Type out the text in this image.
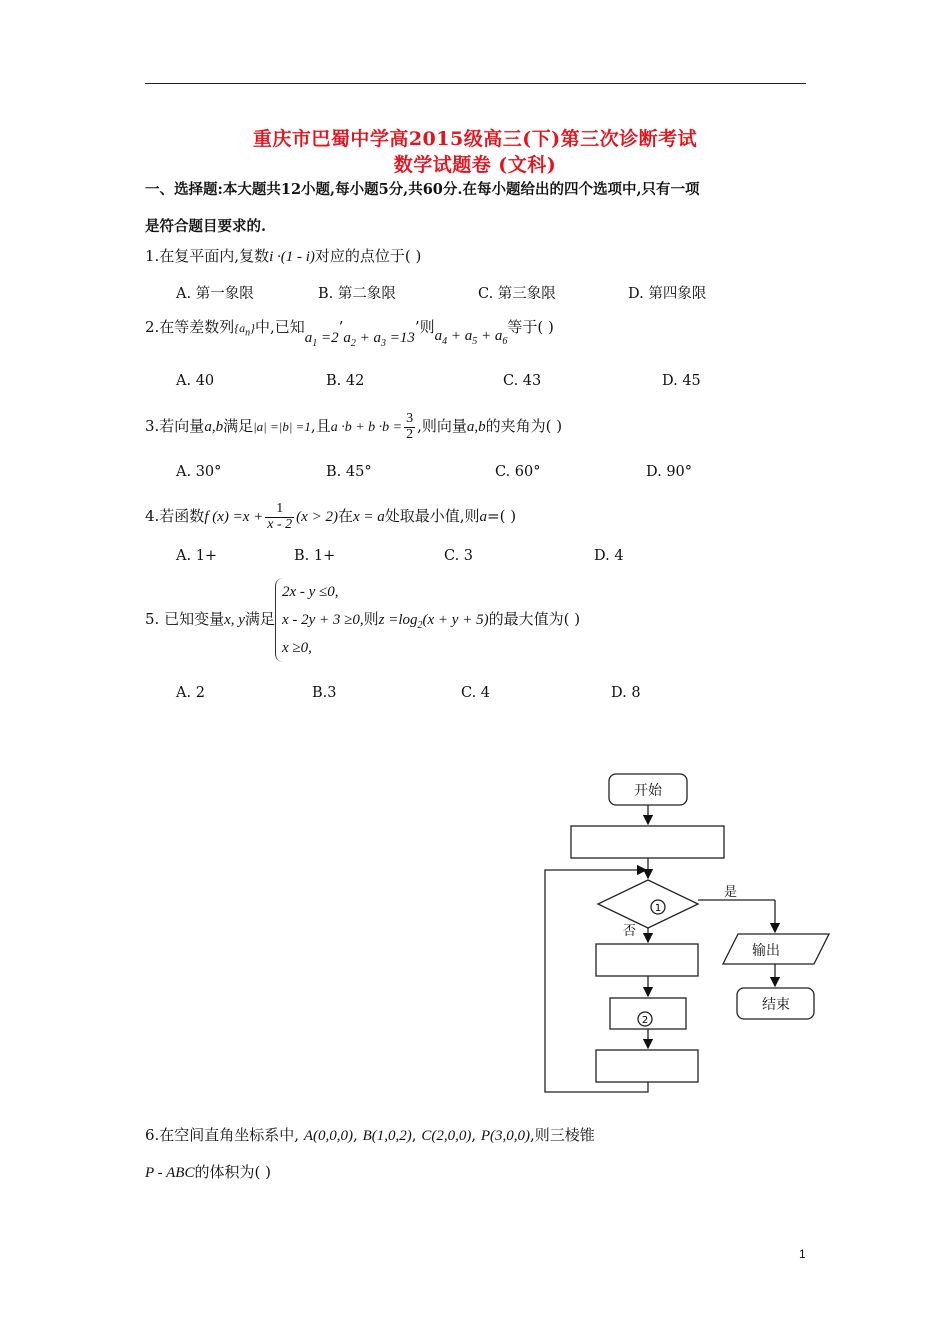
重庆市巴蜀中学高2015级高三(下)第三次诊断考试
数学试题卷 (文科)
一、选择题:本大题共12小题,每小题5分,共60分.在每小题给出的四个选项中,只有一项
是符合题目要求的.
1.在复平面内,复数i ·(1 - i)对应的点位于( )
A. 第一象限	B. 第二象限	C. 第三象限	D. 第四象限
2.在等差数列$\{a_n\}$中,已知$a_1$ $=2’a_2 + a_3 =13$’则$a_4 + a_5 + a_6$等于( )
A. 40	B. 42	C. 43	D. 45
3.若向量a,b满足|a| =|b| =1,且$a \cdot b + b \cdot b = \frac{3}{2}$ ,则向量a,b的夹角为( )
A. 30°	B. 45°	C. 60°	D. 90°
4.若函数f $(x) =x + \frac{1}{x - 2} (x > 2)$在x = a处取最小值,则a=( )
A. 1+	B. 1+	C. 3	D. 4
5. 已知变量x, y满足
2x - y ≤0,
x - 2y + 3 ≥0,
x ≥0,
则$z =\log_2(x + y + 5)$的最大值为( )
A. 2	B.3	C. 4	D. 8
开始
是
否
输出
结束
1
2
6.在空间直角坐标系中, A(0,0,0), B(1,0,2), C(2,0,0), P(3,0,0),则三棱锥
P - ABC的体积为( )
1
